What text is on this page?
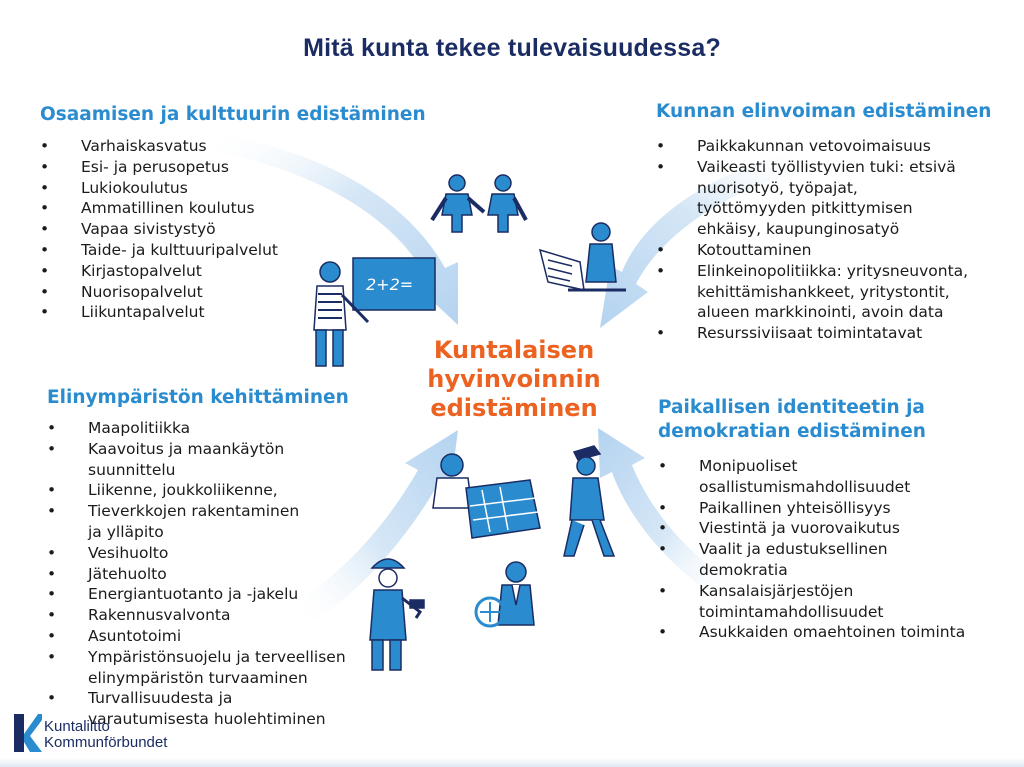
Mitä kunta tekee tulevaisuudessa?
2+2=
Osaamisen ja kulttuurin edistäminen
• Varhaiskasvatus
• Esi- ja perusopetus
• Lukiokoulutus
• Ammatillinen koulutus
• Vapaa sivistystyö
• Taide- ja kulttuuripalvelut
• Kirjastopalvelut
• Nuorisopalvelut
• Liikuntapalvelut
Kunnan elinvoiman edistäminen
• Paikkakunnan vetovoimaisuus
• Vaikeasti työllistyvien tuki: etsivä
nuorisotyö, työpajat,
työttömyyden pitkittymisen
ehkäisy, kaupunginosatyö
• Kotouttaminen
• Elinkeinopolitiikka: yritysneuvonta,
kehittämishankkeet, yritystontit,
alueen markkinointi, avoin data
• Resurssiviisaat toimintatavat
Kuntalaisen
hyvinvoinnin
edistäminen
Elinympäristön kehittäminen
• Maapolitiikka
• Kaavoitus ja maankäytön
suunnittelu
• Liikenne, joukkoliikenne,
• Tieverkkojen rakentaminen
ja ylläpito
• Vesihuolto
• Jätehuolto
• Energiantuotanto ja -jakelu
• Rakennusvalvonta
• Asuntotoimi
• Ympäristönsuojelu ja terveellisen
elinympäristön turvaaminen
• Turvallisuudesta ja
varautumisesta huolehtiminen
Paikallisen identiteetin ja
demokratian edistäminen
• Monipuoliset
osallistumismahdollisuudet
• Paikallinen yhteisöllisyys
• Viestintä ja vuorovaikutus
• Vaalit ja edustuksellinen
demokratia
• Kansalaisjärjestöjen
toimintamahdollisuudet
• Asukkaiden omaehtoinen toiminta
Kuntaliitto
Kommunförbundet
